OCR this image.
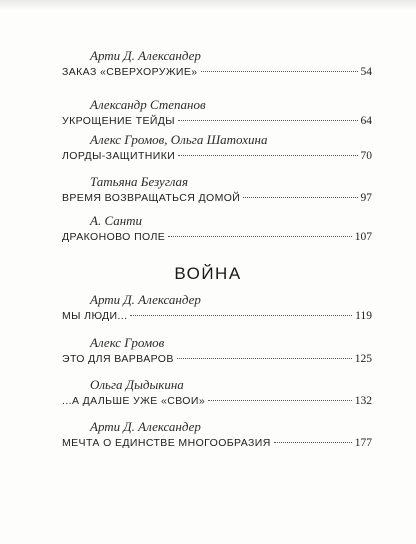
Арти Д. Александер
ЗАКАЗ «СВЕРХОРУЖИЕ»	54
Александр Степанов
УКРОЩЕНИЕ ТЕЙДЫ	64
Алекс Громов, Ольга Шатохина
ЛОРДЫ-ЗАЩИТНИКИ	70
Татьяна Безуглая
ВРЕМЯ ВОЗВРАЩАТЬСЯ ДОМОЙ	97
А. Санти
ДРАКОНОВО ПОЛЕ	107
ВОЙНА
Арти Д. Александер
МЫ ЛЮДИ...	119
Алекс Громов
ЭТО ДЛЯ ВАРВАРОВ	125
Ольга Дыдыкина
...А ДАЛЬШЕ УЖЕ «СВОИ»	132
Арти Д. Александер
МЕЧТА О ЕДИНСТВЕ МНОГООБРАЗИЯ	177
